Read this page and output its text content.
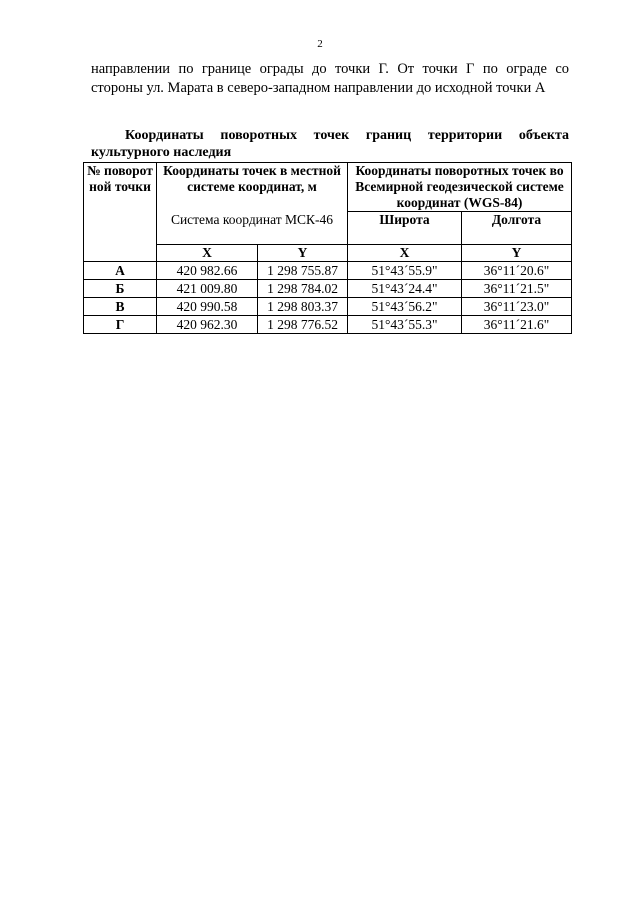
2
направлении по границе ограды до точки Г. От точки Г по ограде со
стороны ул. Марата в северо-западном направлении до исходной точки А
Координаты поворотных точек границ территории объекта
культурного наследия
№ поворот ной точки	Координаты точек в местной системе координат, м		Координаты поворотных точек во Всемирной геодезической системе координат (WGS-84)	
	Система координат МСК-46		Широта	Долгота
	X	Y	X	Y
А	420 982.66	1 298 755.87	51°43´55.9"	36°11´20.6"
Б	421 009.80	1 298 784.02	51°43´24.4"	36°11´21.5"
В	420 990.58	1 298 803.37	51°43´56.2"	36°11´23.0"
Г	420 962.30	1 298 776.52	51°43´55.3"	36°11´21.6"
